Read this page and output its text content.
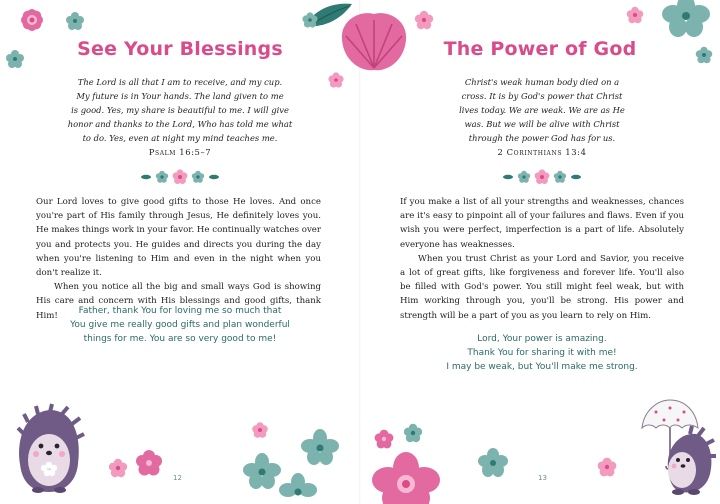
See Your Blessings
The Lord is all that I am to receive, and my cup.
My future is in Your hands. The land given to me
is good. Yes, my share is beautiful to me. I will give
honor and thanks to the Lord, Who has told me what
to do. Yes, even at night my mind teaches me.
Psalm 16:5–7

Our Lord loves to give good gifts to those He loves. And once you're part of His family through Jesus, He definitely loves you. He makes things work in your favor. He continually watches over you and protects you. He guides and directs you during the day when you're listening to Him and even in the night when you don't realize it.

When you notice all the big and small ways God is showing His care and concern with His blessings and good gifts, thank Him!	Father, thank You for loving me so much that
You give me really good gifts and plan wonderful
things for me. You are so very good to me!
12
The Power of God
Christ's weak human body died on a
cross. It is by God's power that Christ
lives today. We are weak. We are as He
was. But we will be alive with Christ
through the power God has for us.
2 Corinthians 13:4

If you make a list of all your strengths and weaknesses, chances are it's easy to pinpoint all of your failures and flaws. Even if you wish you were perfect, imperfection is a part of life. Absolutely everyone has weaknesses.

When you trust Christ as your Lord and Savior, you receive a lot of great gifts, like forgiveness and forever life. You'll also be filled with God's power. You still might feel weak, but with Him working through you, you'll be strong. His power and strength will be a part of you as you learn to rely on Him.

Lord, Your power is amazing.
Thank You for sharing it with me!
I may be weak, but You'll make me strong.
13
